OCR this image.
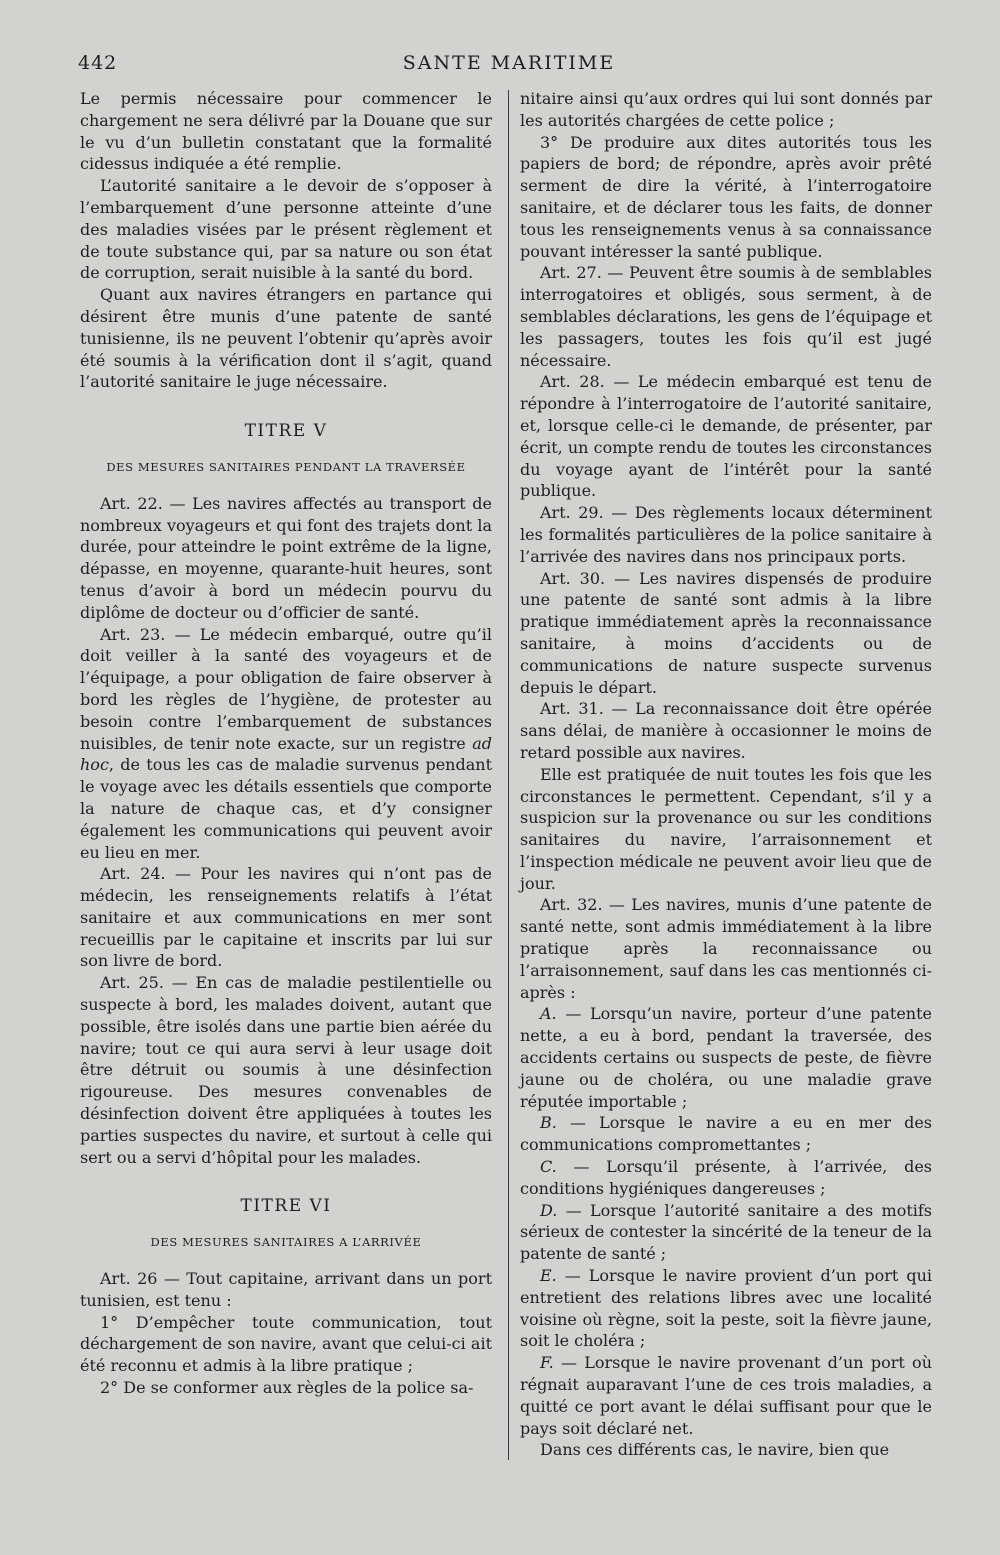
442	SANTE MARITIME

Le permis nécessaire pour commencer le chargement ne sera délivré par la Douane que sur le vu d’un bulletin constatant que la formalité cidessus indiquée a été remplie.

L’autorité sanitaire a le devoir de s’opposer à l’embarquement d’une personne atteinte d’une des maladies visées par le présent règlement et de toute substance qui, par sa nature ou son état de corruption, serait nuisible à la santé du bord.

Quant aux navires étrangers en partance qui désirent être munis d’une patente de santé tunisienne, ils ne peuvent l’obtenir qu’après avoir été soumis à la vérification dont il s’agit, quand l’autorité sanitaire le juge nécessaire.

TITRE V

DES MESURES SANITAIRES PENDANT LA TRAVERSÉE

Art. 22. — Les navires affectés au transport de nombreux voyageurs et qui font des trajets dont la durée, pour atteindre le point extrême de la ligne, dépasse, en moyenne, quarante-huit heures, sont tenus d’avoir à bord un médecin pourvu du diplôme de docteur ou d’officier de santé.

Art. 23. — Le médecin embarqué, outre qu’il doit veiller à la santé des voyageurs et de l’équipage, a pour obligation de faire observer à bord les règles de l’hygiène, de protester au besoin contre l’embarquement de substances nuisibles, de tenir note exacte, sur un registre ad hoc, de tous les cas de maladie survenus pendant le voyage avec les détails essentiels que comporte la nature de chaque cas, et d’y consigner également les communications qui peuvent avoir eu lieu en mer.

Art. 24. — Pour les navires qui n’ont pas de médecin, les renseignements relatifs à l’état sanitaire et aux communications en mer sont recueillis par le capitaine et inscrits par lui sur son livre de bord.

Art. 25. — En cas de maladie pestilentielle ou suspecte à bord, les malades doivent, autant que possible, être isolés dans une partie bien aérée du navire; tout ce qui aura servi à leur usage doit être détruit ou soumis à une désinfection rigoureuse. Des mesures convenables de désinfection doivent être appliquées à toutes les parties suspectes du navire, et surtout à celle qui sert ou a servi d’hôpital pour les malades.

TITRE VI

DES MESURES SANITAIRES A L’ARRIVÉE

Art. 26 — Tout capitaine, arrivant dans un port tunisien, est tenu :

1° D’empêcher toute communication, tout déchargement de son navire, avant que celui-ci ait été reconnu et admis à la libre pratique ;

2° De se conformer aux règles de la police sa-

nitaire ainsi qu’aux ordres qui lui sont donnés par les autorités chargées de cette police ;

3° De produire aux dites autorités tous les papiers de bord; de répondre, après avoir prêté serment de dire la vérité, à l’interrogatoire sanitaire, et de déclarer tous les faits, de donner tous les renseignements venus à sa connaissance pouvant intéresser la santé publique.

Art. 27. — Peuvent être soumis à de semblables interrogatoires et obligés, sous serment, à de semblables déclarations, les gens de l’équipage et les passagers, toutes les fois qu’il est jugé nécessaire.

Art. 28. — Le médecin embarqué est tenu de répondre à l’interrogatoire de l’autorité sanitaire, et, lorsque celle-ci le demande, de présenter, par écrit, un compte rendu de toutes les circonstances du voyage ayant de l’intérêt pour la santé publique.

Art. 29. — Des règlements locaux déterminent les formalités particulières de la police sanitaire à l’arrivée des navires dans nos principaux ports.

Art. 30. — Les navires dispensés de produire une patente de santé sont admis à la libre pratique immédiatement après la reconnaissance sanitaire, à moins d’accidents ou de communications de nature suspecte survenus depuis le départ.

Art. 31. — La reconnaissance doit être opérée sans délai, de manière à occasionner le moins de retard possible aux navires.

Elle est pratiquée de nuit toutes les fois que les circonstances le permettent. Cependant, s’il y a suspicion sur la provenance ou sur les conditions sanitaires du navire, l’arraisonnement et l’inspection médicale ne peuvent avoir lieu que de jour.

Art. 32. — Les navires, munis d’une patente de santé nette, sont admis immédiatement à la libre pratique après la reconnaissance ou l’arraisonnement, sauf dans les cas mentionnés ci-après :

A. — Lorsqu’un navire, porteur d’une patente nette, a eu à bord, pendant la traversée, des accidents certains ou suspects de peste, de fièvre jaune ou de choléra, ou une maladie grave réputée importable ;

B. — Lorsque le navire a eu en mer des communications compromettantes ;

C. — Lorsqu’il présente, à l’arrivée, des conditions hygiéniques dangereuses ;

D. — Lorsque l’autorité sanitaire a des motifs sérieux de contester la sincérité de la teneur de la patente de santé ;

E. — Lorsque le navire provient d’un port qui entretient des relations libres avec une localité voisine où règne, soit la peste, soit la fièvre jaune, soit le choléra ;

F. — Lorsque le navire provenant d’un port où régnait auparavant l’une de ces trois maladies, a quitté ce port avant le délai suffisant pour que le pays soit déclaré net.

Dans ces différents cas, le navire, bien que
